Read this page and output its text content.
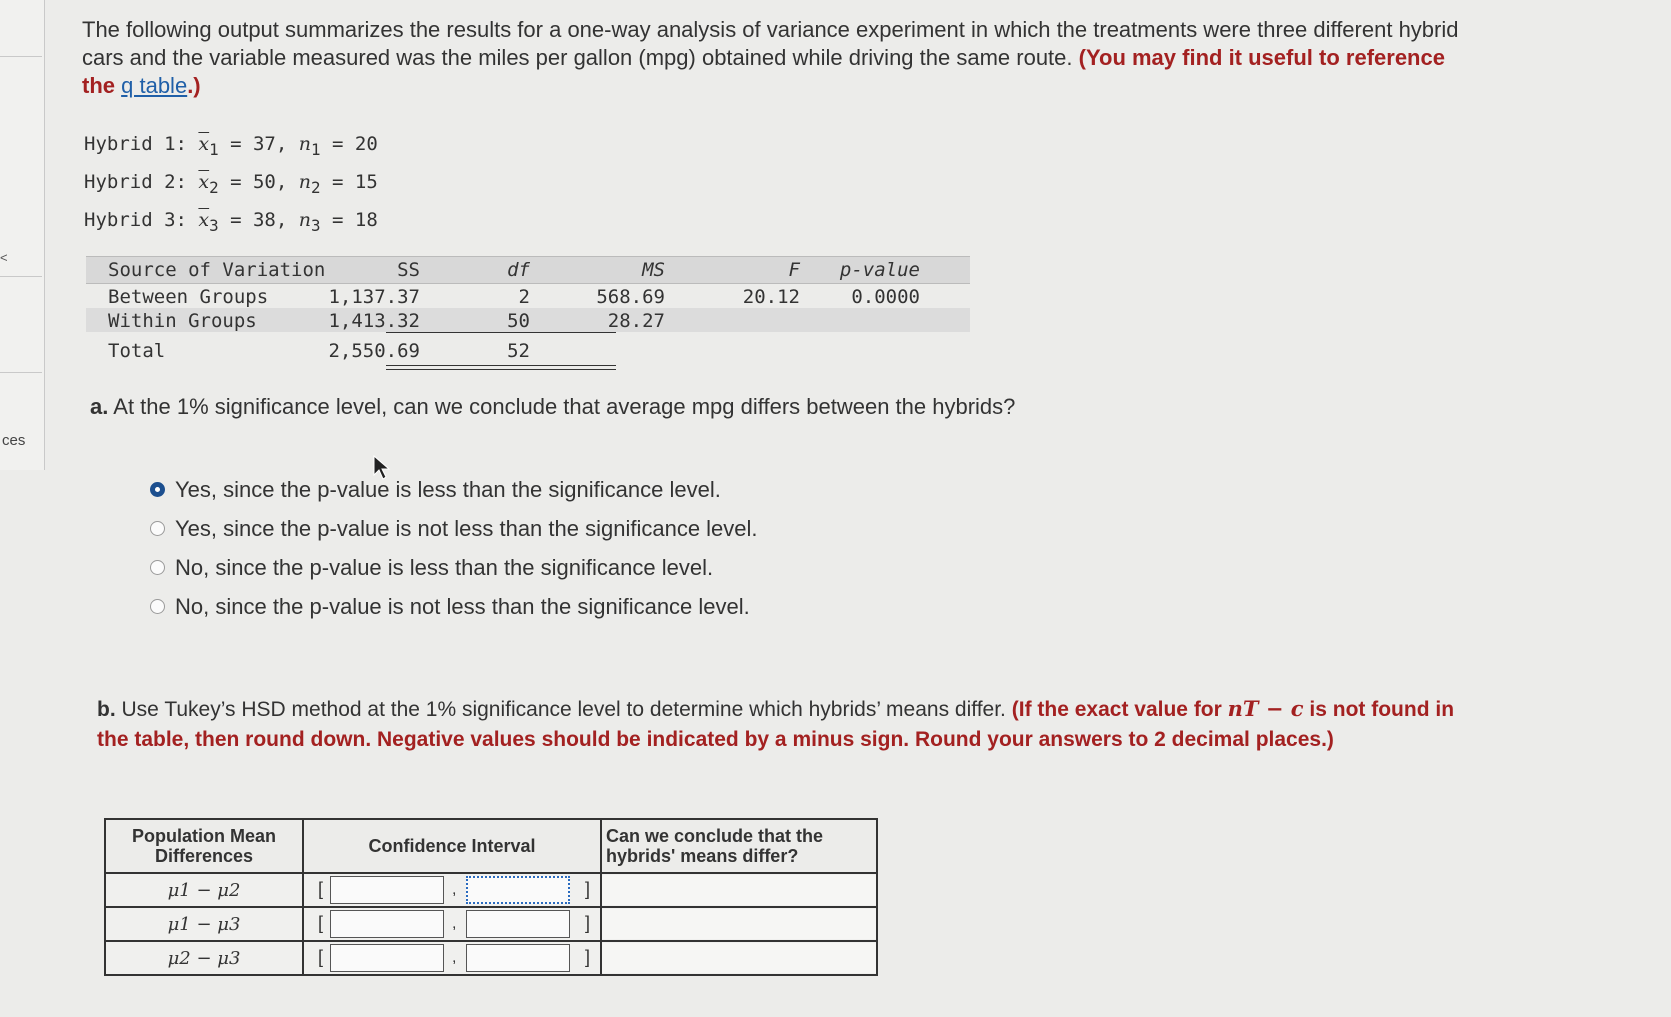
<
ces
The following output summarizes the results for a one-way analysis of variance experiment in which the treatments were three different hybrid cars and the variable measured was the miles per gallon (mpg) obtained while driving the same route. (You may find it useful to reference the q table.)
Hybrid 1: $\overline{x}_1 = 37$, $n_1 = 20$
Hybrid 2: $\overline{x}_2 = 50$, $n_2 = 15$
Hybrid 3: $\overline{x}_3 = 38$, $n_3 = 18$
Source of Variation	SS	df	MS	F p-value
Between Groups	1,137.37	2	568.69	20.12	0.0000
Within Groups	1,413.32	50	28.27
Total	2,550.69	52
a. At the 1% significance level, can we conclude that average mpg differs between the hybrids?
Yes, since the p-value is less than the significance level.
Yes, since the p-value is not less than the significance level.
No, since the p-value is less than the significance level.
No, since the p-value is not less than the significance level.
b. Use Tukey’s HSD method at the 1% significance level to determine which hybrids’ means differ. (If the exact value for nT − c is not found in the table, then round down. Negative values should be indicated by a minus sign. Round your answers to 2 decimal places.)
Population Mean Differences	Confidence Interval	Can we conclude that the hybrids' means differ?
μ1 − μ2	[ , ]	

μ1 − μ3	[ , ]	

μ2 − μ3	[ , ]	
